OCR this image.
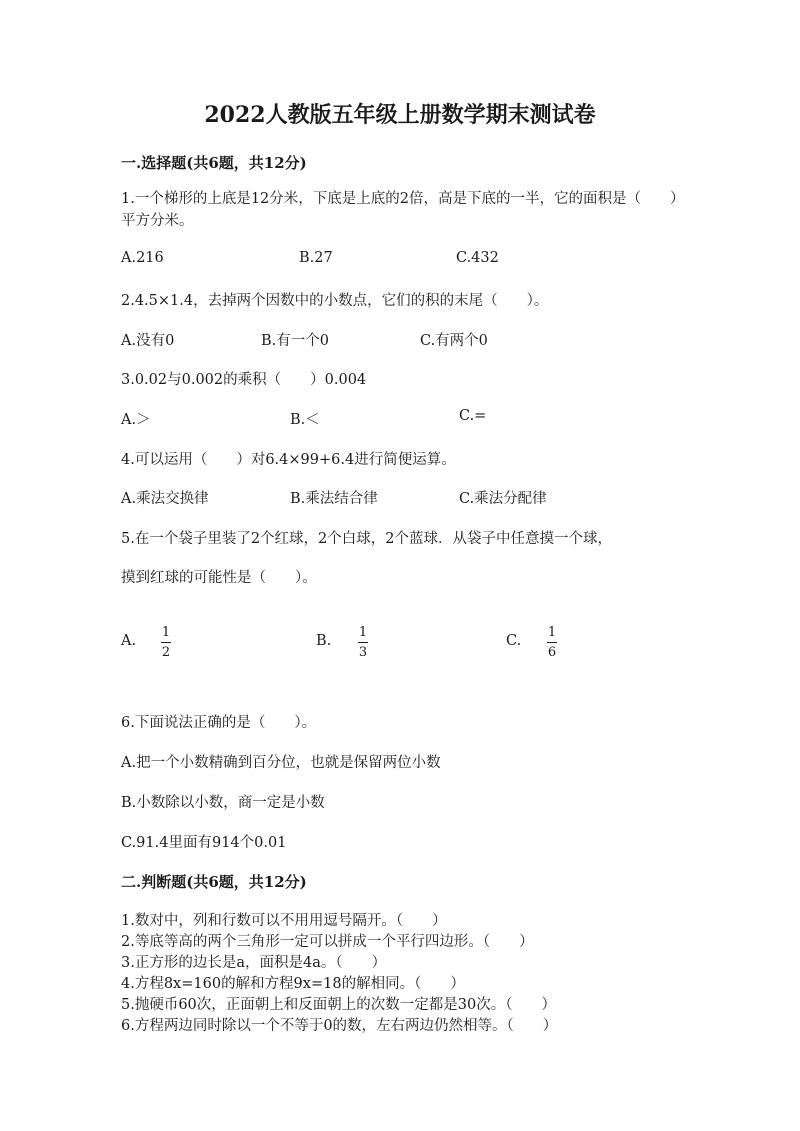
2022人教版五年级上册数学期末测试卷
一.选择题(共6题，共12分)
1.一个梯形的上底是12分米，下底是上底的2倍，高是下底的一半，它的面积是（　　）平方分米。
A.216	B.27	C.432
2.4.5×1.4，去掉两个因数中的小数点，它们的积的末尾（　　）。
A.没有0	B.有一个0	C.有两个0
3.0.02与0.002的乘积（　　）0.004
A.＞	B.＜	C.=
4.可以运用（　　）对6.4×99+6.4进行简便运算。
A.乘法交换律	B.乘法结合律	C.乘法分配律
5.在一个袋子里装了2个红球，2个白球，2个蓝球．从袋子中任意摸一个球，
摸到红球的可能性是（　　）。
A.
1
2
B.
1
3
C.
1
6
6.下面说法正确的是（　　）。
A.把一个小数精确到百分位，也就是保留两位小数
B.小数除以小数，商一定是小数
C.91.4里面有914个0.01
二.判断题(共6题，共12分)
1.数对中，列和行数可以不用用逗号隔开。（　　）
2.等底等高的两个三角形一定可以拼成一个平行四边形。（　　）
3.正方形的边长是a，面积是4a。（　　）
4.方程8x=160的解和方程9x=18的解相同。（　　）
5.抛硬币60次，正面朝上和反面朝上的次数一定都是30次。（　　）
6.方程两边同时除以一个不等于0的数，左右两边仍然相等。（　　）
